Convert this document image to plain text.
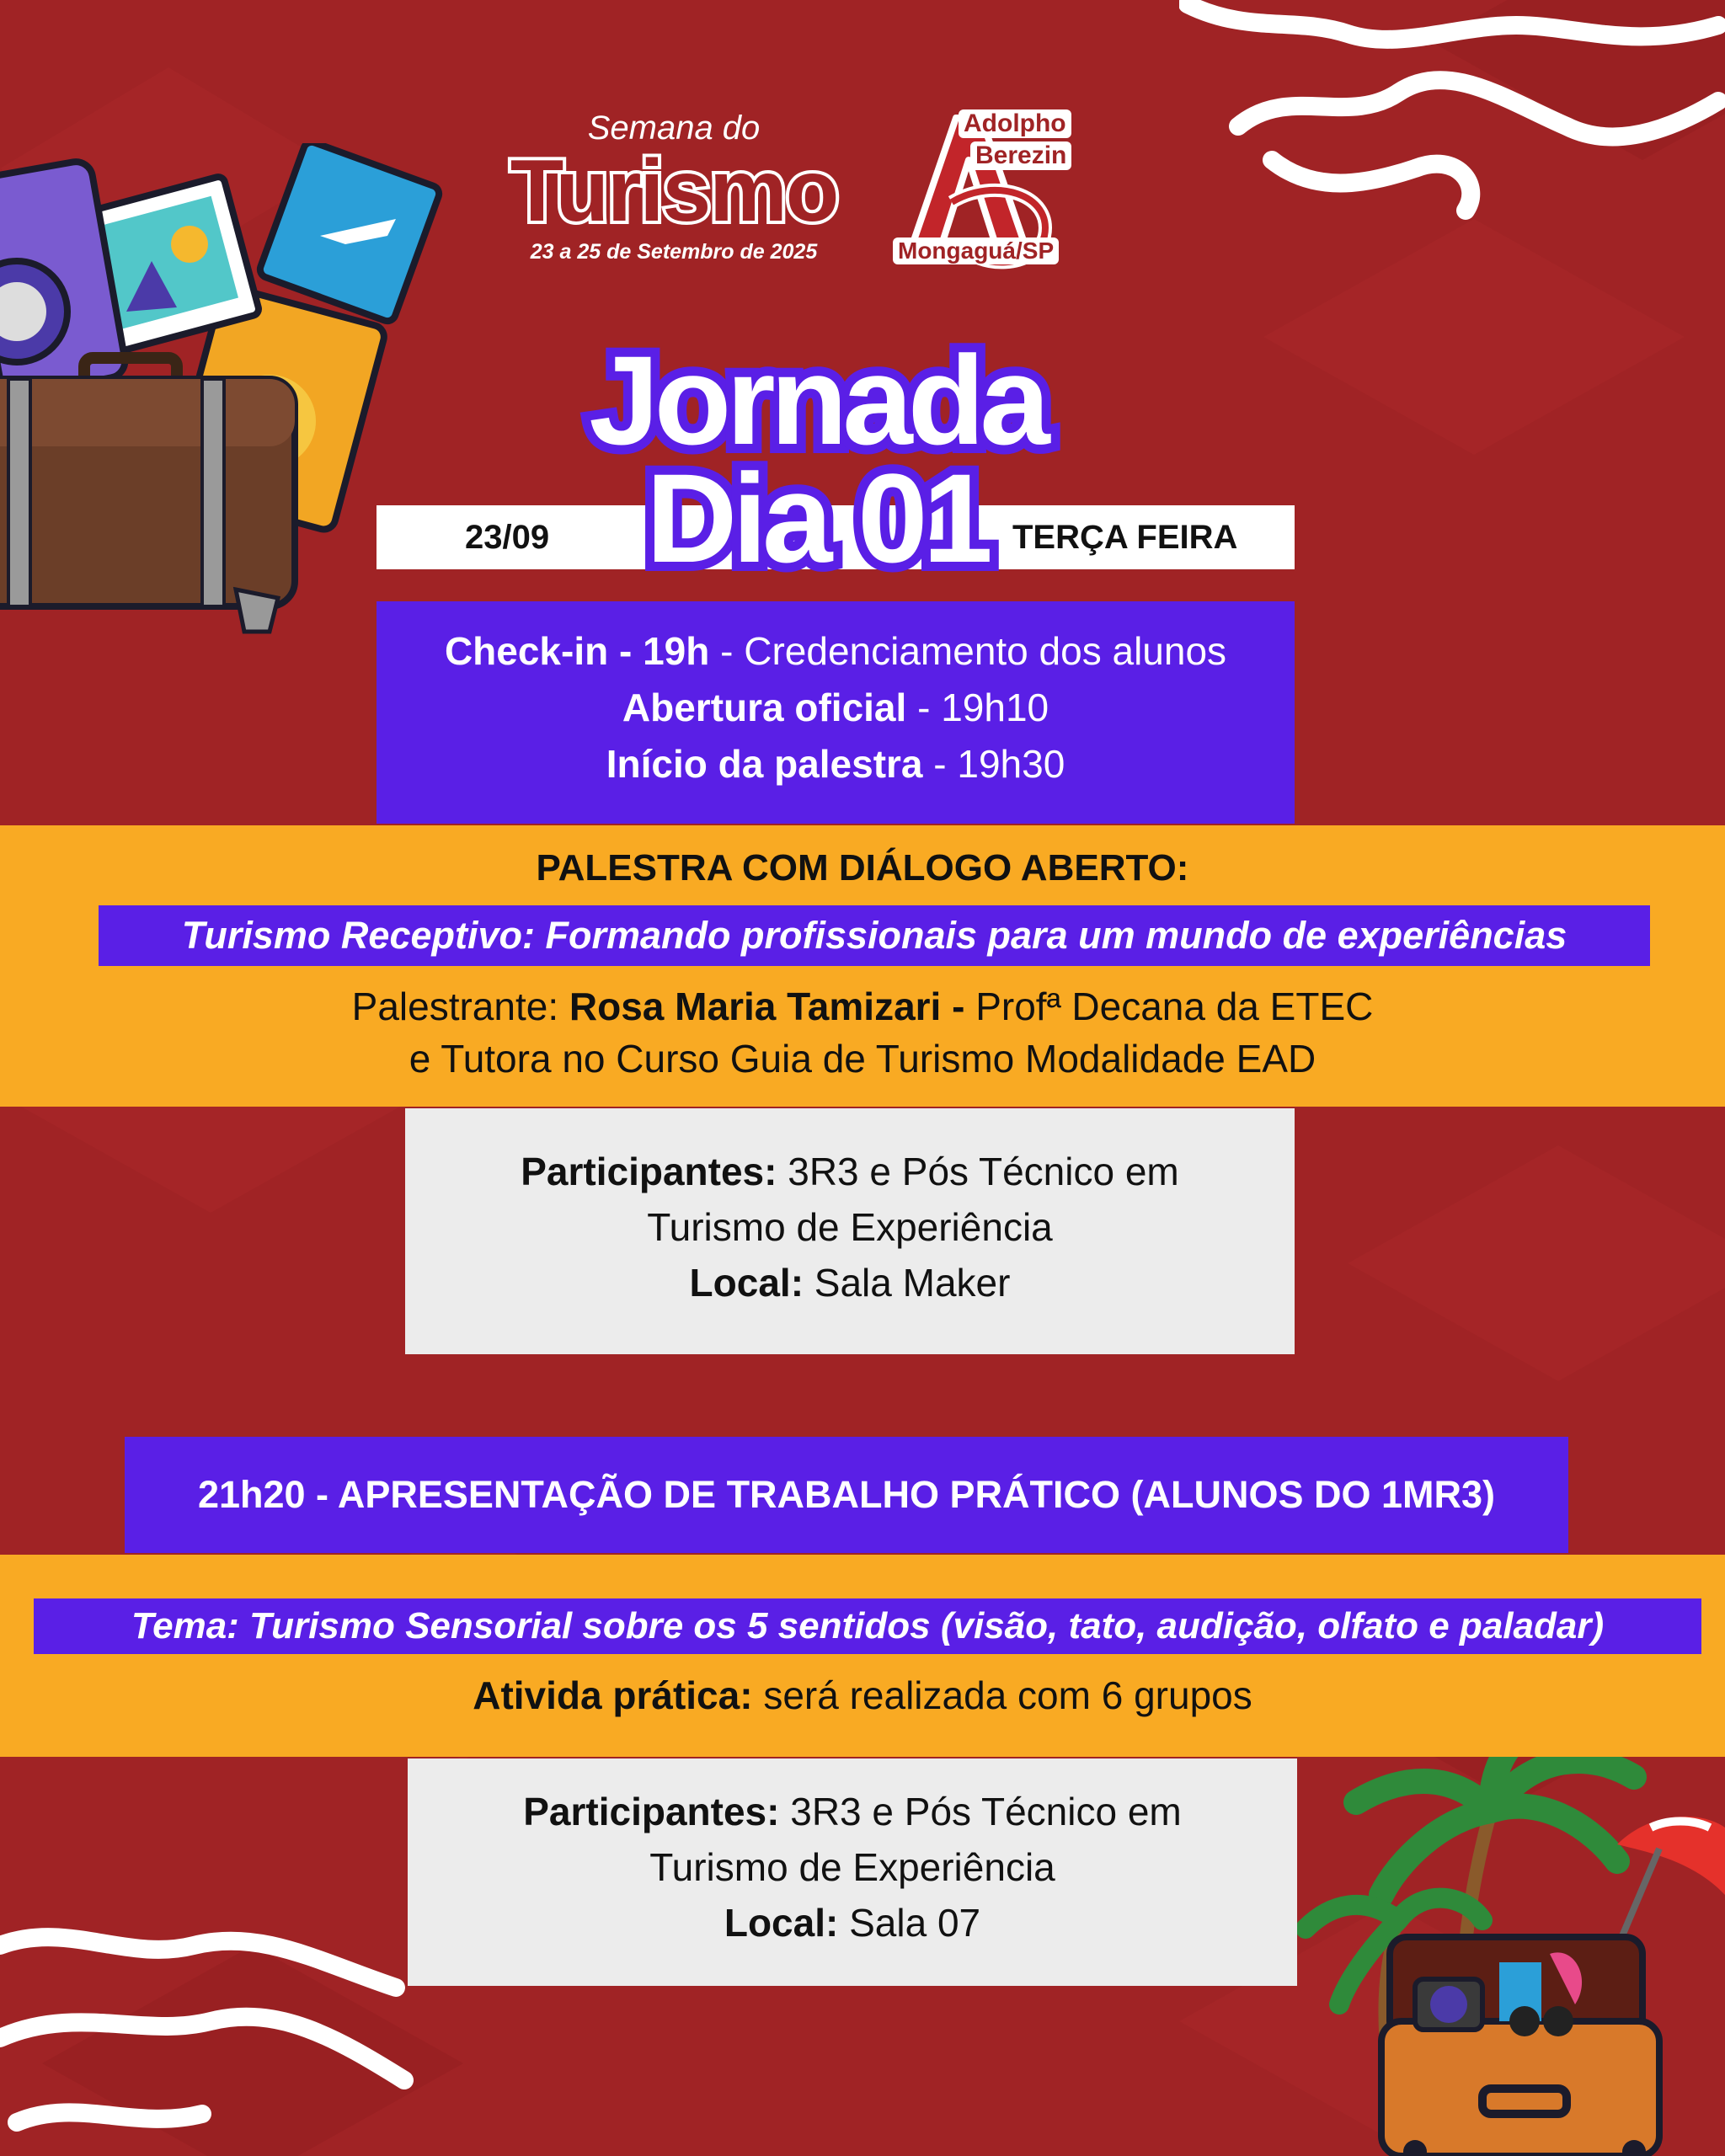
Semana do
Turismo
23 a 25 de Setembro de 2025
Adolpho
Berezin
Mongaguá/SP
23/09	TERÇA FEIRA
Jornada
Dia 01
Check-in - 19h - Credenciamento dos alunos
Abertura oficial - 19h10
Início da palestra - 19h30
PALESTRA COM DIÁLOGO ABERTO:
Turismo Receptivo: Formando profissionais para um mundo de experiências
Palestrante: Rosa Maria Tamizari - Profª Decana da ETEC
e Tutora no Curso Guia de Turismo Modalidade EAD
Participantes: 3R3 e Pós Técnico em
Turismo de Experiência
Local: Sala Maker
21h20 - APRESENTAÇÃO DE TRABALHO PRÁTICO (ALUNOS DO 1MR3)
Tema: Turismo Sensorial sobre os 5 sentidos (visão, tato, audição, olfato e paladar)
Ativida prática: será realizada com 6 grupos
Participantes: 3R3 e Pós Técnico em
Turismo de Experiência
Local: Sala 07
